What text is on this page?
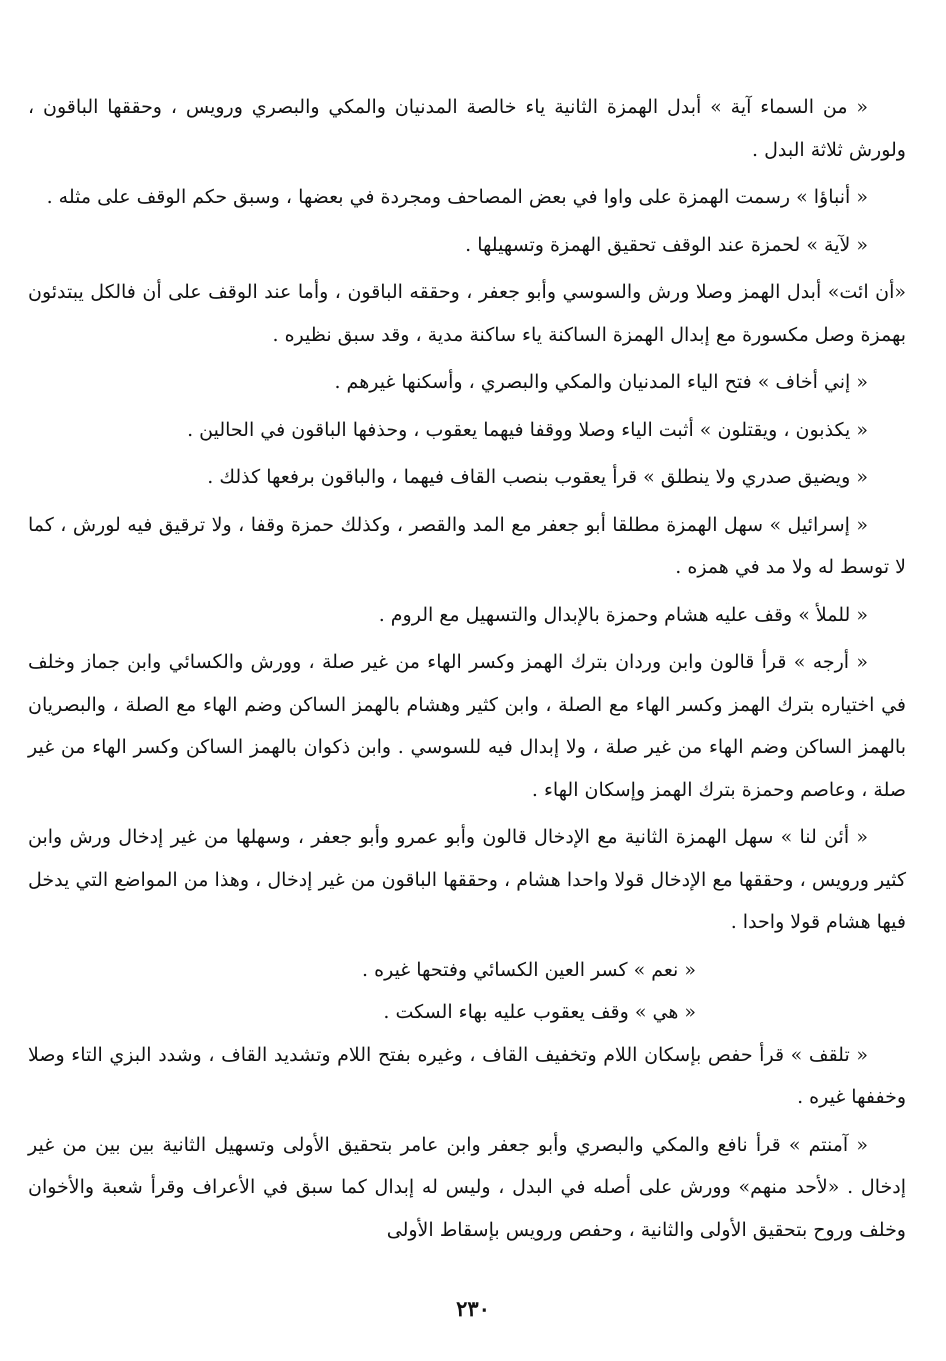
« من السماء آية » أبدل الهمزة الثانية ياء خالصة المدنيان والمكي والبصري ورويس ، وحققها الباقون ، ولورش ثلاثة البدل .

« أنباؤا » رسمت الهمزة على واوا في بعض المصاحف ومجردة في بعضها ، وسبق حكم الوقف على مثله .

« لآية » لحمزة عند الوقف تحقيق الهمزة وتسهيلها .

«أن ائت» أبدل الهمز وصلا ورش والسوسي وأبو جعفر ، وحققه الباقون ، وأما عند الوقف على أن فالكل يبتدئون بهمزة وصل مكسورة مع إبدال الهمزة الساكنة ياء ساكنة مدية ، وقد سبق نظيره .

« إني أخاف » فتح الياء المدنيان والمكي والبصري ، وأسكنها غيرهم .

« يكذبون ، ويقتلون » أثبت الياء وصلا ووقفا فيهما يعقوب ، وحذفها الباقون في الحالين .

« ويضيق صدري ولا ينطلق » قرأ يعقوب بنصب القاف فيهما ، والباقون برفعها كذلك .

« إسرائيل » سهل الهمزة مطلقا أبو جعفر مع المد والقصر ، وكذلك حمزة وقفا ، ولا ترقيق فيه لورش ، كما لا توسط له ولا مد في همزه .

« للملأ » وقف عليه هشام وحمزة بالإبدال والتسهيل مع الروم .

« أرجه » قرأ قالون وابن وردان بترك الهمز وكسر الهاء من غير صلة ، وورش والكسائي وابن جماز وخلف في اختياره بترك الهمز وكسر الهاء مع الصلة ، وابن كثير وهشام بالهمز الساكن وضم الهاء مع الصلة ، والبصريان بالهمز الساكن وضم الهاء من غير صلة ، ولا إبدال فيه للسوسي . وابن ذكوان بالهمز الساكن وكسر الهاء من غير صلة ، وعاصم وحمزة بترك الهمز وإسكان الهاء .

« أئن لنا » سهل الهمزة الثانية مع الإدخال قالون وأبو عمرو وأبو جعفر ، وسهلها من غير إدخال ورش وابن كثير ورويس ، وحققها مع الإدخال قولا واحدا هشام ، وحققها الباقون من غير إدخال ، وهذا من المواضع التي يدخل فيها هشام قولا واحدا .

« نعم » كسر العين الكسائي وفتحها غيره .

« هي » وقف يعقوب عليه بهاء السكت .

« تلقف » قرأ حفص بإسكان اللام وتخفيف القاف ، وغيره بفتح اللام وتشديد القاف ، وشدد البزي التاء وصلا وخففها غيره .

« آمنتم » قرأ نافع والمكي والبصري وأبو جعفر وابن عامر بتحقيق الأولى وتسهيل الثانية بين بين من غير إدخال . «لأحد منهم» وورش على أصله في البدل ، وليس له إبدال كما سبق في الأعراف وقرأ شعبة والأخوان وخلف وروح بتحقيق الأولى والثانية ، وحفص ورويس بإسقاط الأولى

٢٣٠
